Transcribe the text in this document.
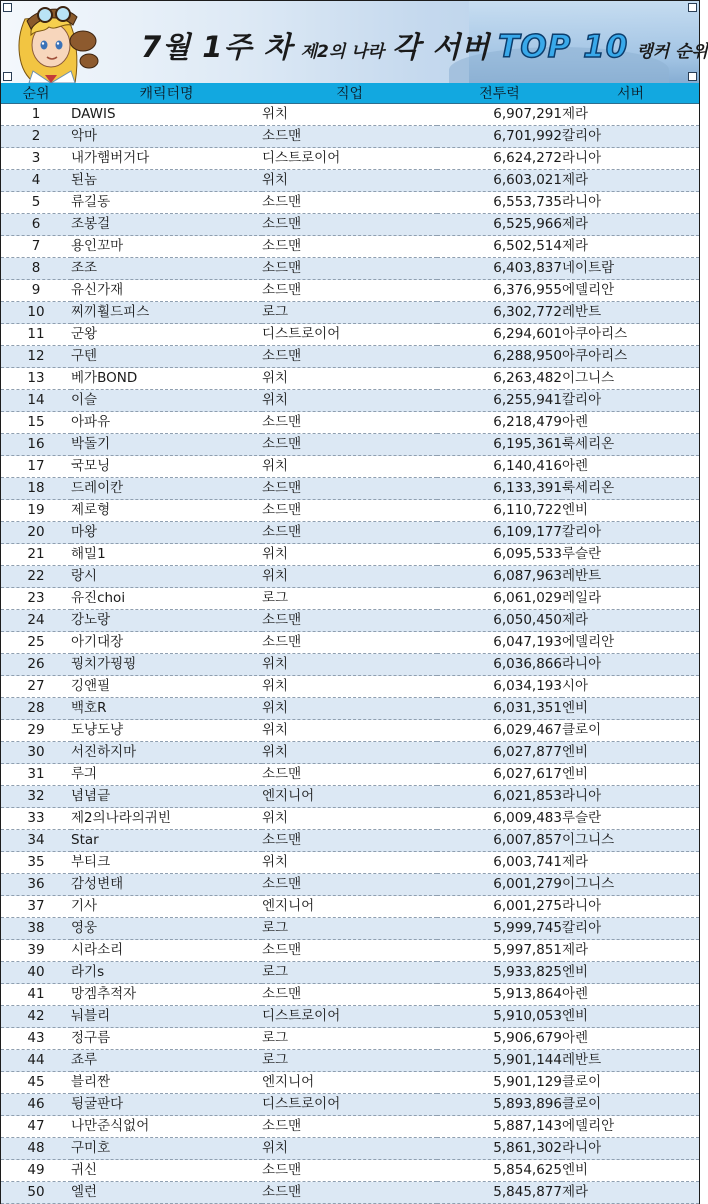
7월 1주 차 제2의 나라 각 서버 TOP 10 랭커 순위
순위	캐릭터명	직업	전투력	서버
1	DAWIS	위치	6,907,291	제라
2	악마	소드맨	6,701,992	칼리아
3	내가햄버거다	디스트로이어	6,624,272	라니아
4	된놈	위치	6,603,021	제라
5	류길동	소드맨	6,553,735	라니아
6	조봉걸	소드맨	6,525,966	제라
7	용인꼬마	소드맨	6,502,514	제라
8	조조	소드맨	6,403,837	네이트람
9	유신가재	소드맨	6,376,955	에델리안
10	찌끼훨드피스	로그	6,302,772	레반트
11	군왕	디스트로이어	6,294,601	아쿠아리스
12	구텐	소드맨	6,288,950	아쿠아리스
13	베가BOND	위치	6,263,482	이그니스
14	이슬	위치	6,255,941	칼리아
15	아파유	소드맨	6,218,479	아렌
16	박돌기	소드맨	6,195,361	룩세리온
17	국모닝	위치	6,140,416	아렌
18	드레이칸	소드맨	6,133,391	룩세리온
19	제로형	소드맨	6,110,722	엔비
20	마왕	소드맨	6,109,177	칼리아
21	해밀1	위치	6,095,533	루슬란
22	랑시	위치	6,087,963	레반트
23	유진choi	로그	6,061,029	레일라
24	강노랑	소드맨	6,050,450	제라
25	아기대장	소드맨	6,047,193	에델리안
26	꿩치가꿩꿩	위치	6,036,866	라니아
27	깅앤필	위치	6,034,193	시아
28	백호R	위치	6,031,351	엔비
29	도냥도냥	위치	6,029,467	클로이
30	서진하지마	위치	6,027,877	엔비
31	루긔	소드맨	6,027,617	엔비
32	념념긑	엔지니어	6,021,853	라니아
33	제2의나라의귀빈	위치	6,009,483	루슬란
34	Star	소드맨	6,007,857	이그니스
35	부티크	위치	6,003,741	제라
36	감성변태	소드맨	6,001,279	이그니스
37	기사	엔지니어	6,001,275	라니아
38	영웅	로그	5,999,745	칼리아
39	시라소리	소드맨	5,997,851	제라
40	라기s	로그	5,933,825	엔비
41	망겜추적자	소드맨	5,913,864	아렌
42	눠블리	디스트로이어	5,910,053	엔비
43	정구름	로그	5,906,679	아렌
44	죠루	로그	5,901,144	레반트
45	블리짠	엔지니어	5,901,129	클로이
46	뒹굴판다	디스트로이어	5,893,896	클로이
47	나만준식없어	소드맨	5,887,143	에델리안
48	구미호	위치	5,861,302	라니아
49	귀신	소드맨	5,854,625	엔비
50	엘런	소드맨	5,845,877	제라
